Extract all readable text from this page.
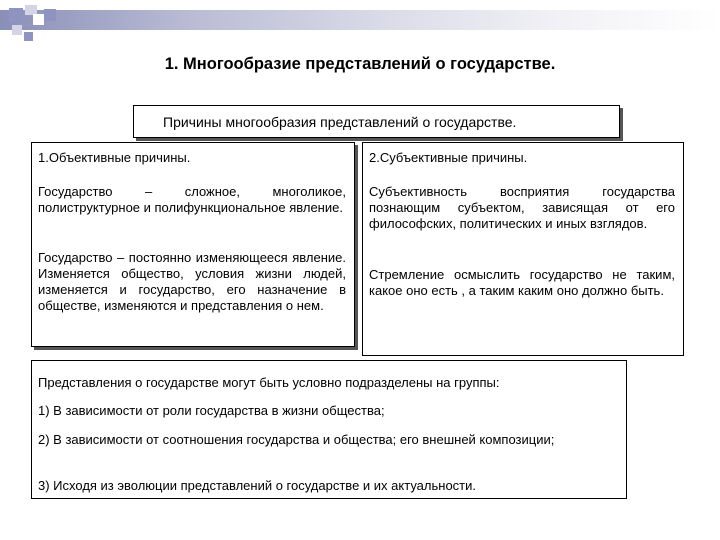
1. Многообразие представлений о государстве.
Причины многообразия представлений о государстве.
1.Объективные причины.
Государство – сложное, многоликое, полиструктурное и полифункциональное явление.
Государство – постоянно изменяющееся явление. Изменяется общество, условия жизни людей, изменяется и государство, его назначение в обществе, изменяются и представления о нем.
2.Субъективные причины.
Субъективность восприятия государства познающим субъектом, зависящая от его философских, политических и иных взглядов.
Стремление осмыслить государство не таким, какое оно есть , а таким каким оно должно быть.
Представления о государстве могут быть условно подразделены на группы:
1) В зависимости от роли государства в жизни общества;
2) В зависимости от соотношения государства и общества; его внешней композиции;
3) Исходя из эволюции представлений о государстве и их актуальности.
